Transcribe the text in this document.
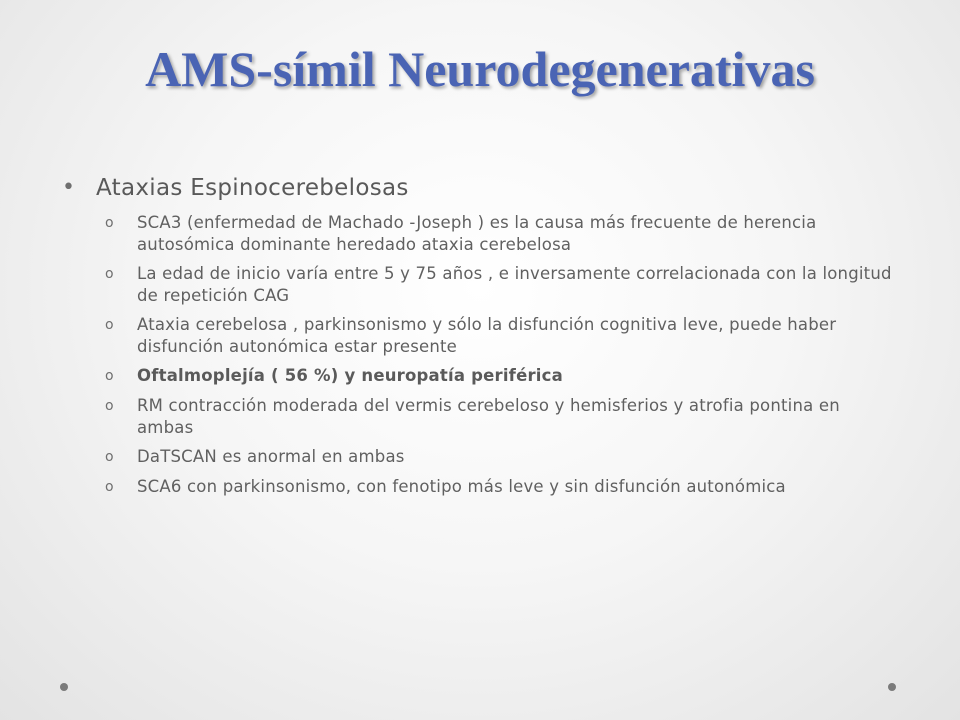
AMS-símil Neurodegenerativas
• Ataxias Espinocerebelosas
o	SCA3 (enfermedad de Machado -Joseph ) es la causa más frecuente de herencia autosómica dominante heredado ataxia cerebelosa
o	La edad de inicio varía entre 5 y 75 años , e inversamente correlacionada con la longitud de repetición CAG
o	Ataxia cerebelosa , parkinsonismo y sólo la disfunción cognitiva leve, puede haber disfunción autonómica estar presente
o	Oftalmoplejía ( 56 %) y neuropatía periférica
o	RM contracción moderada del vermis cerebeloso y hemisferios y atrofia pontina en ambas
o	DaTSCAN es anormal en ambas
o	SCA6 con parkinsonismo, con fenotipo más leve y sin disfunción autonómica
